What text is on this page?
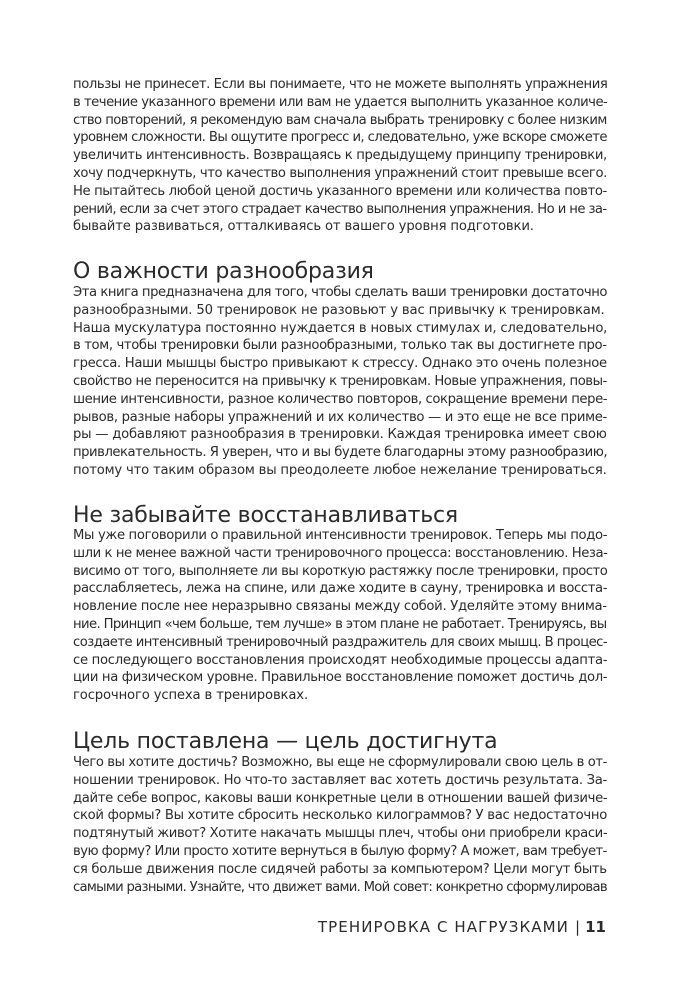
пользы не принесет. Если вы понимаете, что не можете выполнять упражнения
в течение указанного времени или вам не удается выполнить указанное количе-
ство повторений, я рекомендую вам сначала выбрать тренировку с более низким
уровнем сложности. Вы ощутите прогресс и, следовательно, уже вскоре сможете
увеличить интенсивность. Возвращаясь к предыдущему принципу тренировки,
хочу подчеркнуть, что качество выполнения упражнений стоит превыше всего.
Не пытайтесь любой ценой достичь указанного времени или количества повто-
рений, если за счет этого страдает качество выполнения упражнения. Но и не за-
бывайте развиваться, отталкиваясь от вашего уровня подготовки.
О важности разнообразия
Эта книга предназначена для того, чтобы сделать ваши тренировки достаточно
разнообразными. 50 тренировок не разовьют у вас привычку к тренировкам.
Наша мускулатура постоянно нуждается в новых стимулах и, следовательно,
в том, чтобы тренировки были разнообразными, только так вы достигнете про-
гресса. Наши мышцы быстро привыкают к стрессу. Однако это очень полезное
свойство не переносится на привычку к тренировкам. Новые упражнения, повы-
шение интенсивности, разное количество повторов, сокращение времени пере-
рывов, разные наборы упражнений и их количество — и это еще не все приме-
ры — добавляют разнообразия в тренировки. Каждая тренировка имеет свою
привлекательность. Я уверен, что и вы будете благодарны этому разнообразию,
потому что таким образом вы преодолеете любое нежелание тренироваться.
Не забывайте восстанавливаться
Мы уже поговорили о правильной интенсивности тренировок. Теперь мы подо-
шли к не менее важной части тренировочного процесса: восстановлению. Неза-
висимо от того, выполняете ли вы короткую растяжку после тренировки, просто
расслабляетесь, лежа на спине, или даже ходите в сауну, тренировка и восста-
новление после нее неразрывно связаны между собой. Уделяйте этому внима-
ние. Принцип «чем больше, тем лучше» в этом плане не работает. Тренируясь, вы
создаете интенсивный тренировочный раздражитель для своих мышц. В процес-
се последующего восстановления происходят необходимые процессы адапта-
ции на физическом уровне. Правильное восстановление поможет достичь дол-
госрочного успеха в тренировках.
Цель поставлена — цель достигнута
Чего вы хотите достичь? Возможно, вы еще не сформулировали свою цель в от-
ношении тренировок. Но что-то заставляет вас хотеть достичь результата. За-
дайте себе вопрос, каковы ваши конкретные цели в отношении вашей физиче-
ской формы? Вы хотите сбросить несколько килограммов? У вас недостаточно
подтянутый живот? Хотите накачать мышцы плеч, чтобы они приобрели краси-
вую форму? Или просто хотите вернуться в былую форму? А может, вам требует-
ся больше движения после сидячей работы за компьютером? Цели могут быть
самыми разными. Узнайте, что движет вами. Мой совет: конкретно сформулировав
ТРЕНИРОВКА С НАГРУЗКАМИ | 11
